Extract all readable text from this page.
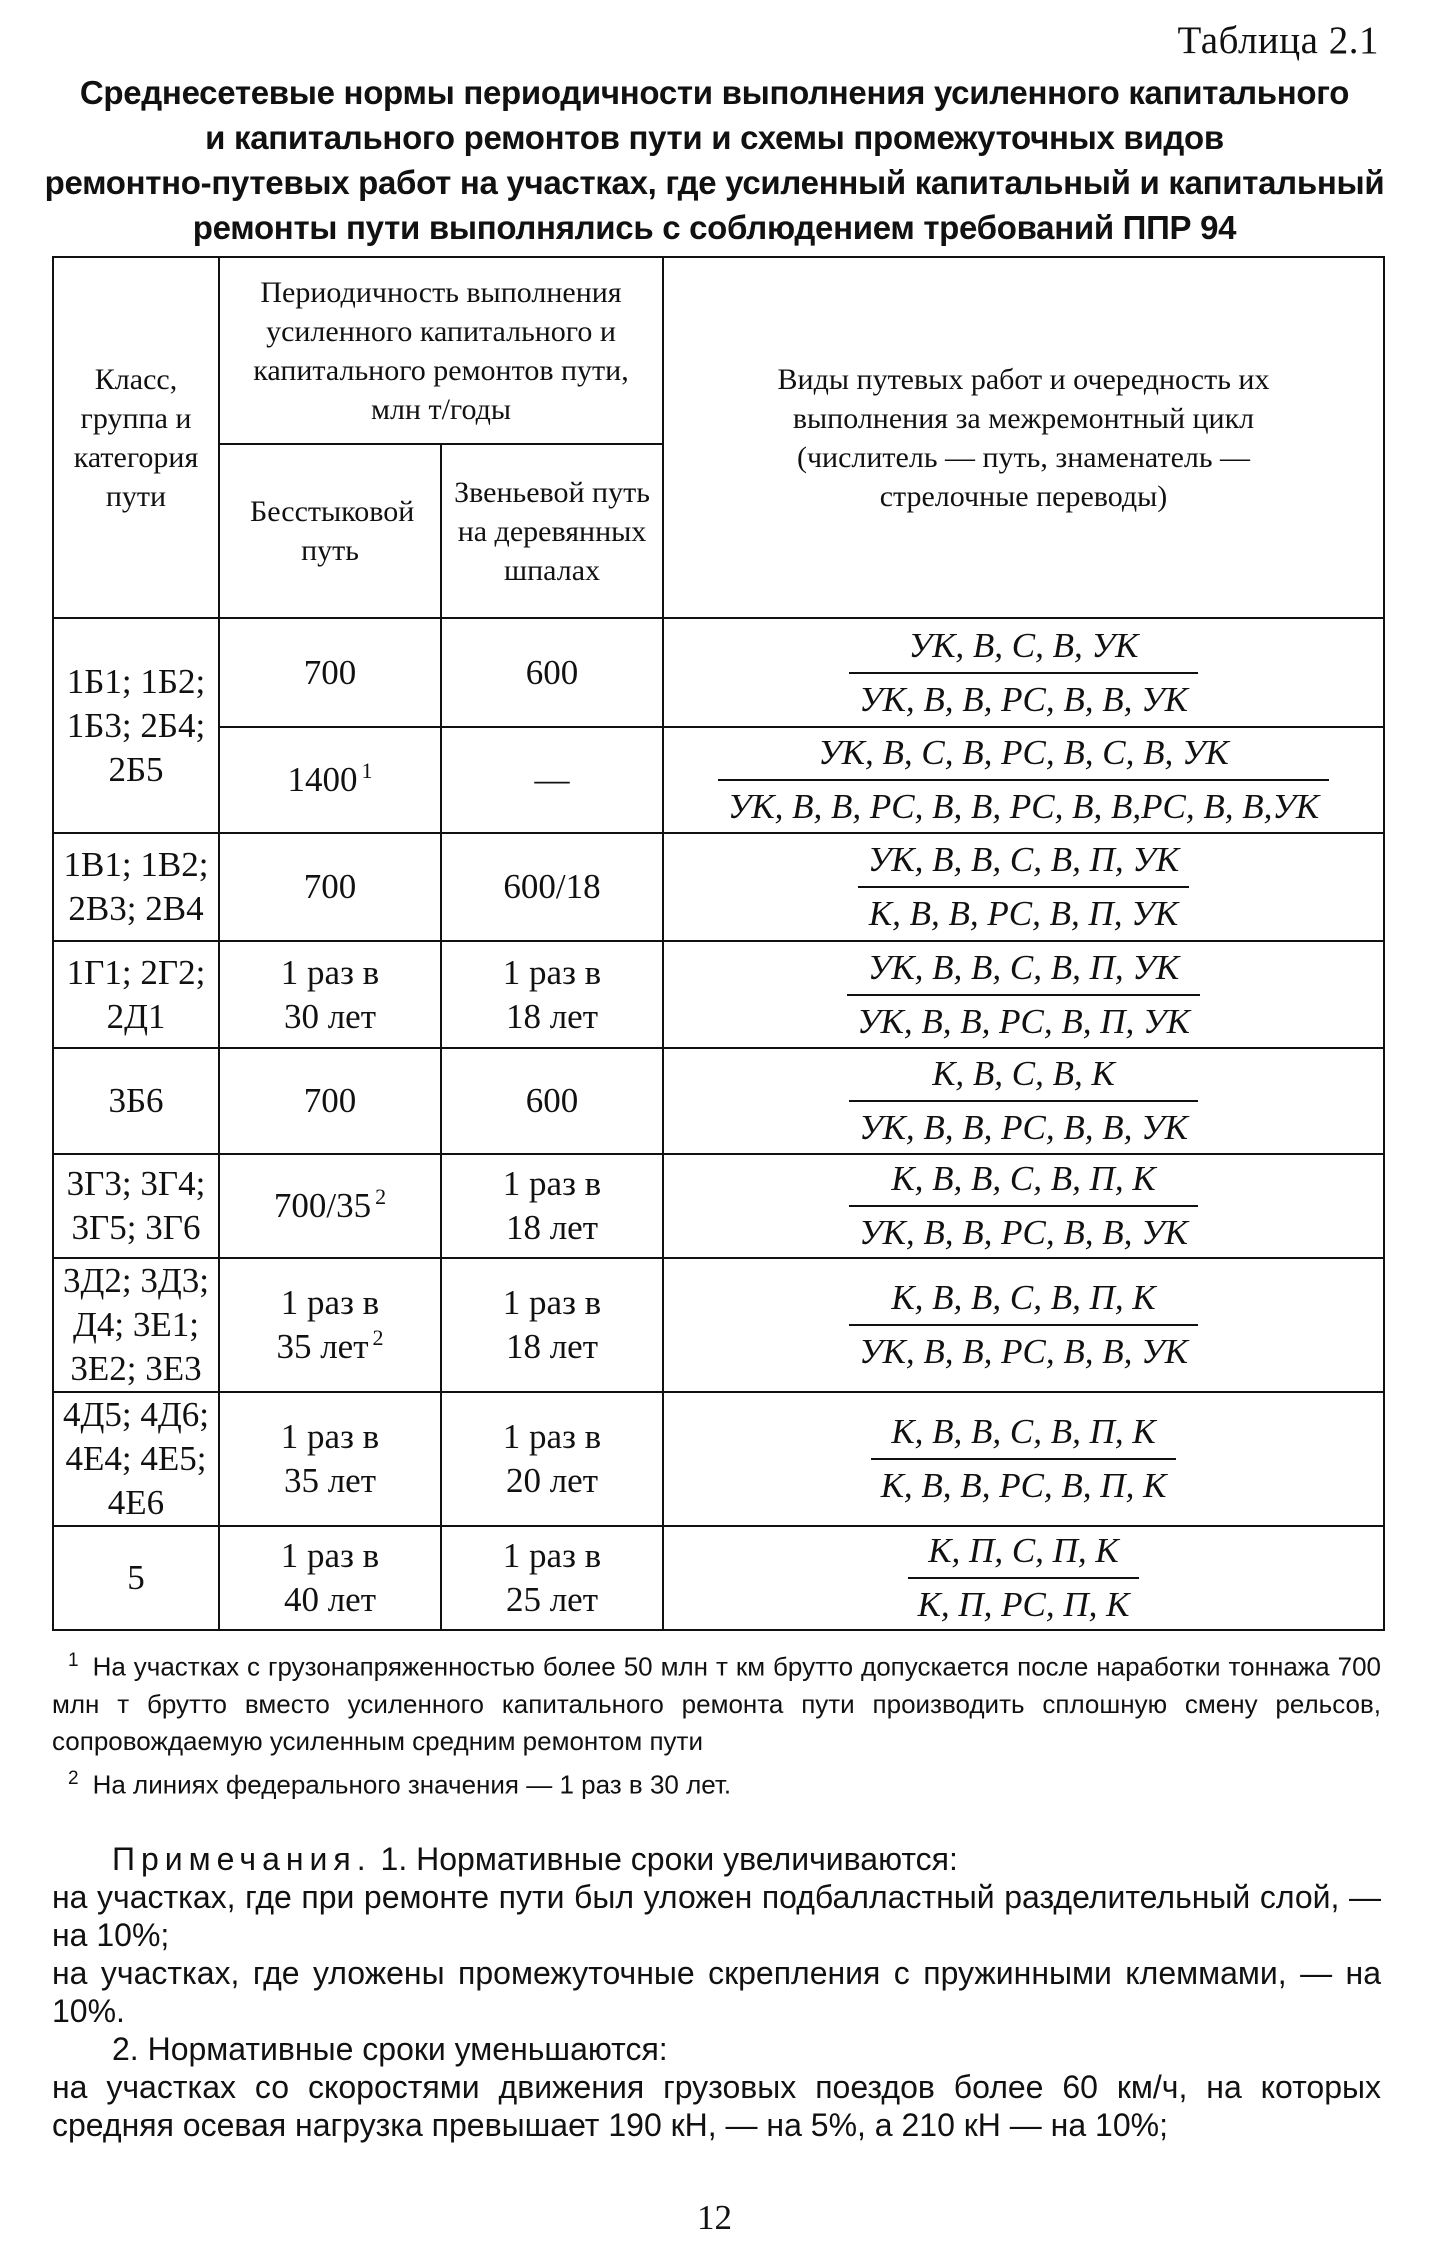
Таблица 2.1
Среднесетевые нормы периодичности выполнения усиленного капитального
и капитального ремонтов пути и схемы промежуточных видов
ремонтно-путевых работ на участках, где усиленный капитальный и капитальный
ремонты пути выполнялись с соблюдением требований ППР 94
Класс, группа и категория пути	Периодичность выполнения усиленного капитального и капитального ремонтов пути, млн т/годы		Виды путевых работ и очередность их выполнения за межремонтный цикл (числитель — путь, знаменатель — стрелочные переводы)

	Бесстыковой путь	Звеньевой путь на деревянных шпалах	

1Б1; 1Б2; 1Б3; 2Б4; 2Б5	700	600	$\frac{УК, В, С, В, УК}{УК, В, В, РС, В, В, УК}$

	1400 $^1$	—	$\frac{УК, В, С, В, РС, В, С, В, УК}{УК, В, В, РС, В, В, РС, В, В,РС, В, В,УК}$

1В1; 1В2; 2В3; 2В4	700	600/18	$\frac{УК, В, В, С, В, П, УК}{К, В, В, РС, В, П, УК}$

1Г1; 2Г2; 2Д1	1 раз в 30 лет	1 раз в 18 лет	$\frac{УК, В, В, С, В, П, УК}{УК, В, В, РС, В, П, УК}$

3Б6	700	600	$\frac{К, В, С, В, К}{УК, В, В, РС, В, В, УК}$

3Г3; 3Г4; 3Г5; 3Г6	700/35 $^2$	1 раз в 18 лет	$\frac{К, В, В, С, В, П, К}{УК, В, В, РС, В, В, УК}$

3Д2; 3Д3; Д4; 3Е1; 3Е2; 3Е3	1 раз в 35 лет $^2$	1 раз в 18 лет	$\frac{К, В, В, С, В, П, К}{УК, В, В, РС, В, В, УК}$

4Д5; 4Д6; 4Е4; 4Е5; 4Е6	1 раз в 35 лет	1 раз в 20 лет	$\frac{К, В, В, С, В, П, К}{К, В, В, РС, В, П, К}$

5	1 раз в 40 лет	1 раз в 25 лет	$\frac{К, П, С, П, К}{К, П, РС, П, К}$
$^1$ На участках с грузонапряженностью более 50 млн т км брутто допускается после наработки тоннажа 700 млн т брутто вместо усиленного капитального ремонта пути производить сплошную смену рельсов, сопровождаемую усиленным средним ремонтом пути
$^2$ На линиях федерального значения — 1 раз в 30 лет.

Примечания. 1. Нормативные сроки увеличиваются:

на участках, где при ремонте пути был уложен подбалластный разделительный слой, — на 10%;

на участках, где уложены промежуточные скрепления с пружинными клеммами, — на 10%.

2. Нормативные сроки уменьшаются:

на участках со скоростями движения грузовых поездов более 60 км/ч, на которых средняя осевая нагрузка превышает 190 кН, — на 5%, а 210 кН — на 10%;

12
